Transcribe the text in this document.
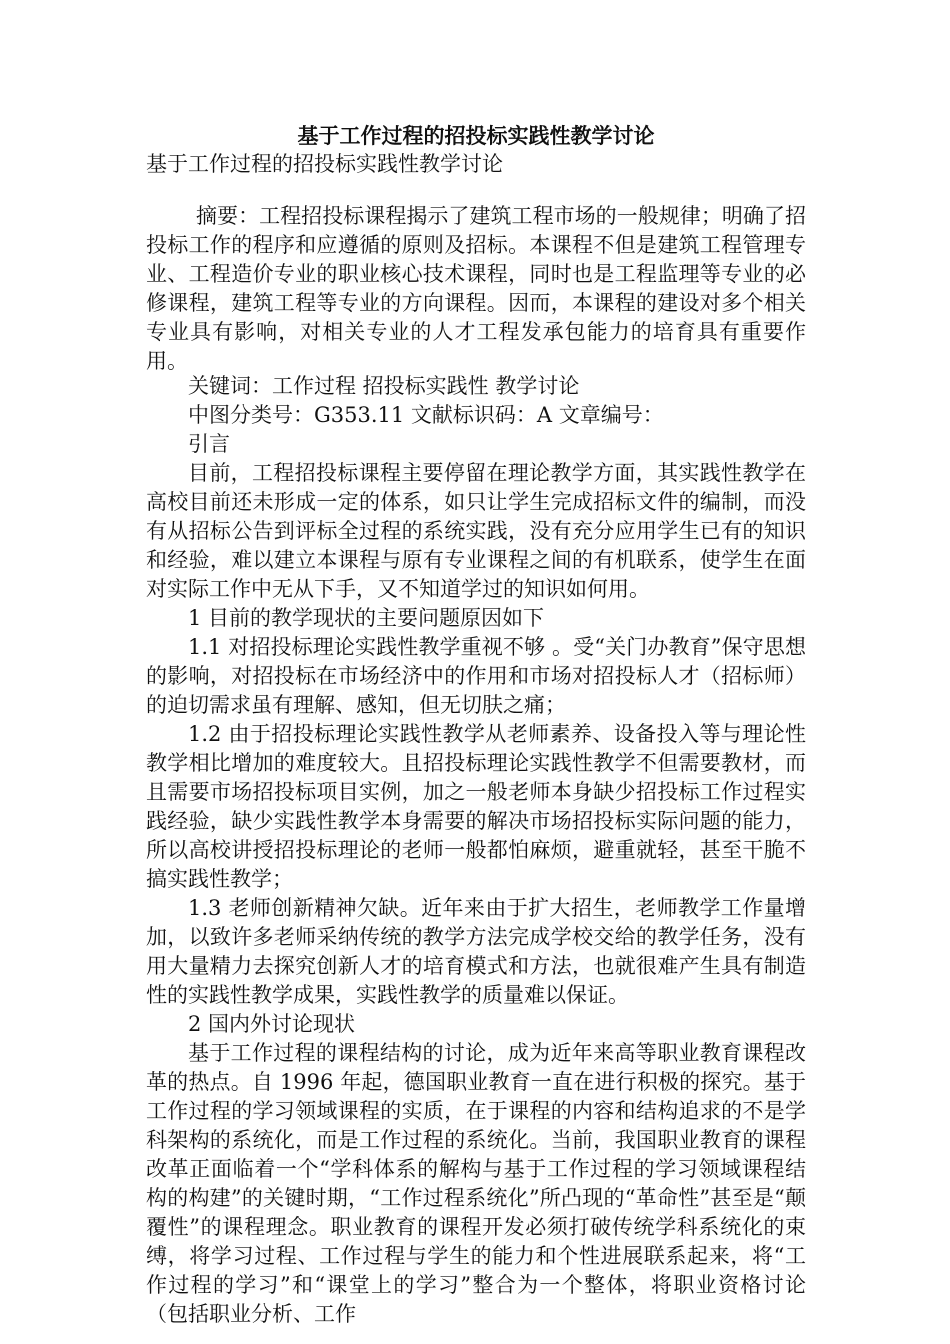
基于工作过程的招投标实践性教学讨论
基于工作过程的招投标实践性教学讨论
摘要：工程招投标课程揭示了建筑工程市场的一般规律；明确了招投标工作的程序和应遵循的原则及招标。本课程不但是建筑工程管理专业、工程造价专业的职业核心技术课程，同时也是工程监理等专业的必修课程，建筑工程等专业的方向课程。因而，本课程的建设对多个相关专业具有影响，对相关专业的人才工程发承包能力的培育具有重要作用。

关键词：工作过程 招投标实践性 教学讨论

中图分类号：G353.11 文献标识码：A 文章编号：

引言

目前，工程招投标课程主要停留在理论教学方面，其实践性教学在高校目前还未形成一定的体系，如只让学生完成招标文件的编制，而没有从招标公告到评标全过程的系统实践，没有充分应用学生已有的知识和经验，难以建立本课程与原有专业课程之间的有机联系，使学生在面对实际工作中无从下手，又不知道学过的知识如何用。

1 目前的教学现状的主要问题原因如下

1.1 对招投标理论实践性教学重视不够 。受“关门办教育”保守思想的影响，对招投标在市场经济中的作用和市场对招投标人才（招标师）的迫切需求虽有理解、感知，但无切肤之痛；

1.2 由于招投标理论实践性教学从老师素养、设备投入等与理论性教学相比增加的难度较大。且招投标理论实践性教学不但需要教材，而且需要市场招投标项目实例，加之一般老师本身缺少招投标工作过程实践经验，缺少实践性教学本身需要的解决市场招投标实际问题的能力，所以高校讲授招投标理论的老师一般都怕麻烦，避重就轻，甚至干脆不搞实践性教学；

1.3 老师创新精神欠缺。近年来由于扩大招生，老师教学工作量增加，以致许多老师采纳传统的教学方法完成学校交给的教学任务，没有用大量精力去探究创新人才的培育模式和方法，也就很难产生具有制造性的实践性教学成果，实践性教学的质量难以保证。

2 国内外讨论现状

基于工作过程的课程结构的讨论，成为近年来高等职业教育课程改革的热点。自 1996 年起，德国职业教育一直在进行积极的探究。基于工作过程的学习领域课程的实质，在于课程的内容和结构追求的不是学科架构的系统化，而是工作过程的系统化。当前，我国职业教育的课程改革正面临着一个“学科体系的解构与基于工作过程的学习领域课程结构的构建”的关键时期，“工作过程系统化”所凸现的“革命性”甚至是“颠覆性”的课程理念。职业教育的课程开发必须打破传统学科系统化的束缚，将学习过程、工作过程与学生的能力和个性进展联系起来，将“工作过程的学习”和“课堂上的学习”整合为一个整体，将职业资格讨论（包括职业分析、工作
